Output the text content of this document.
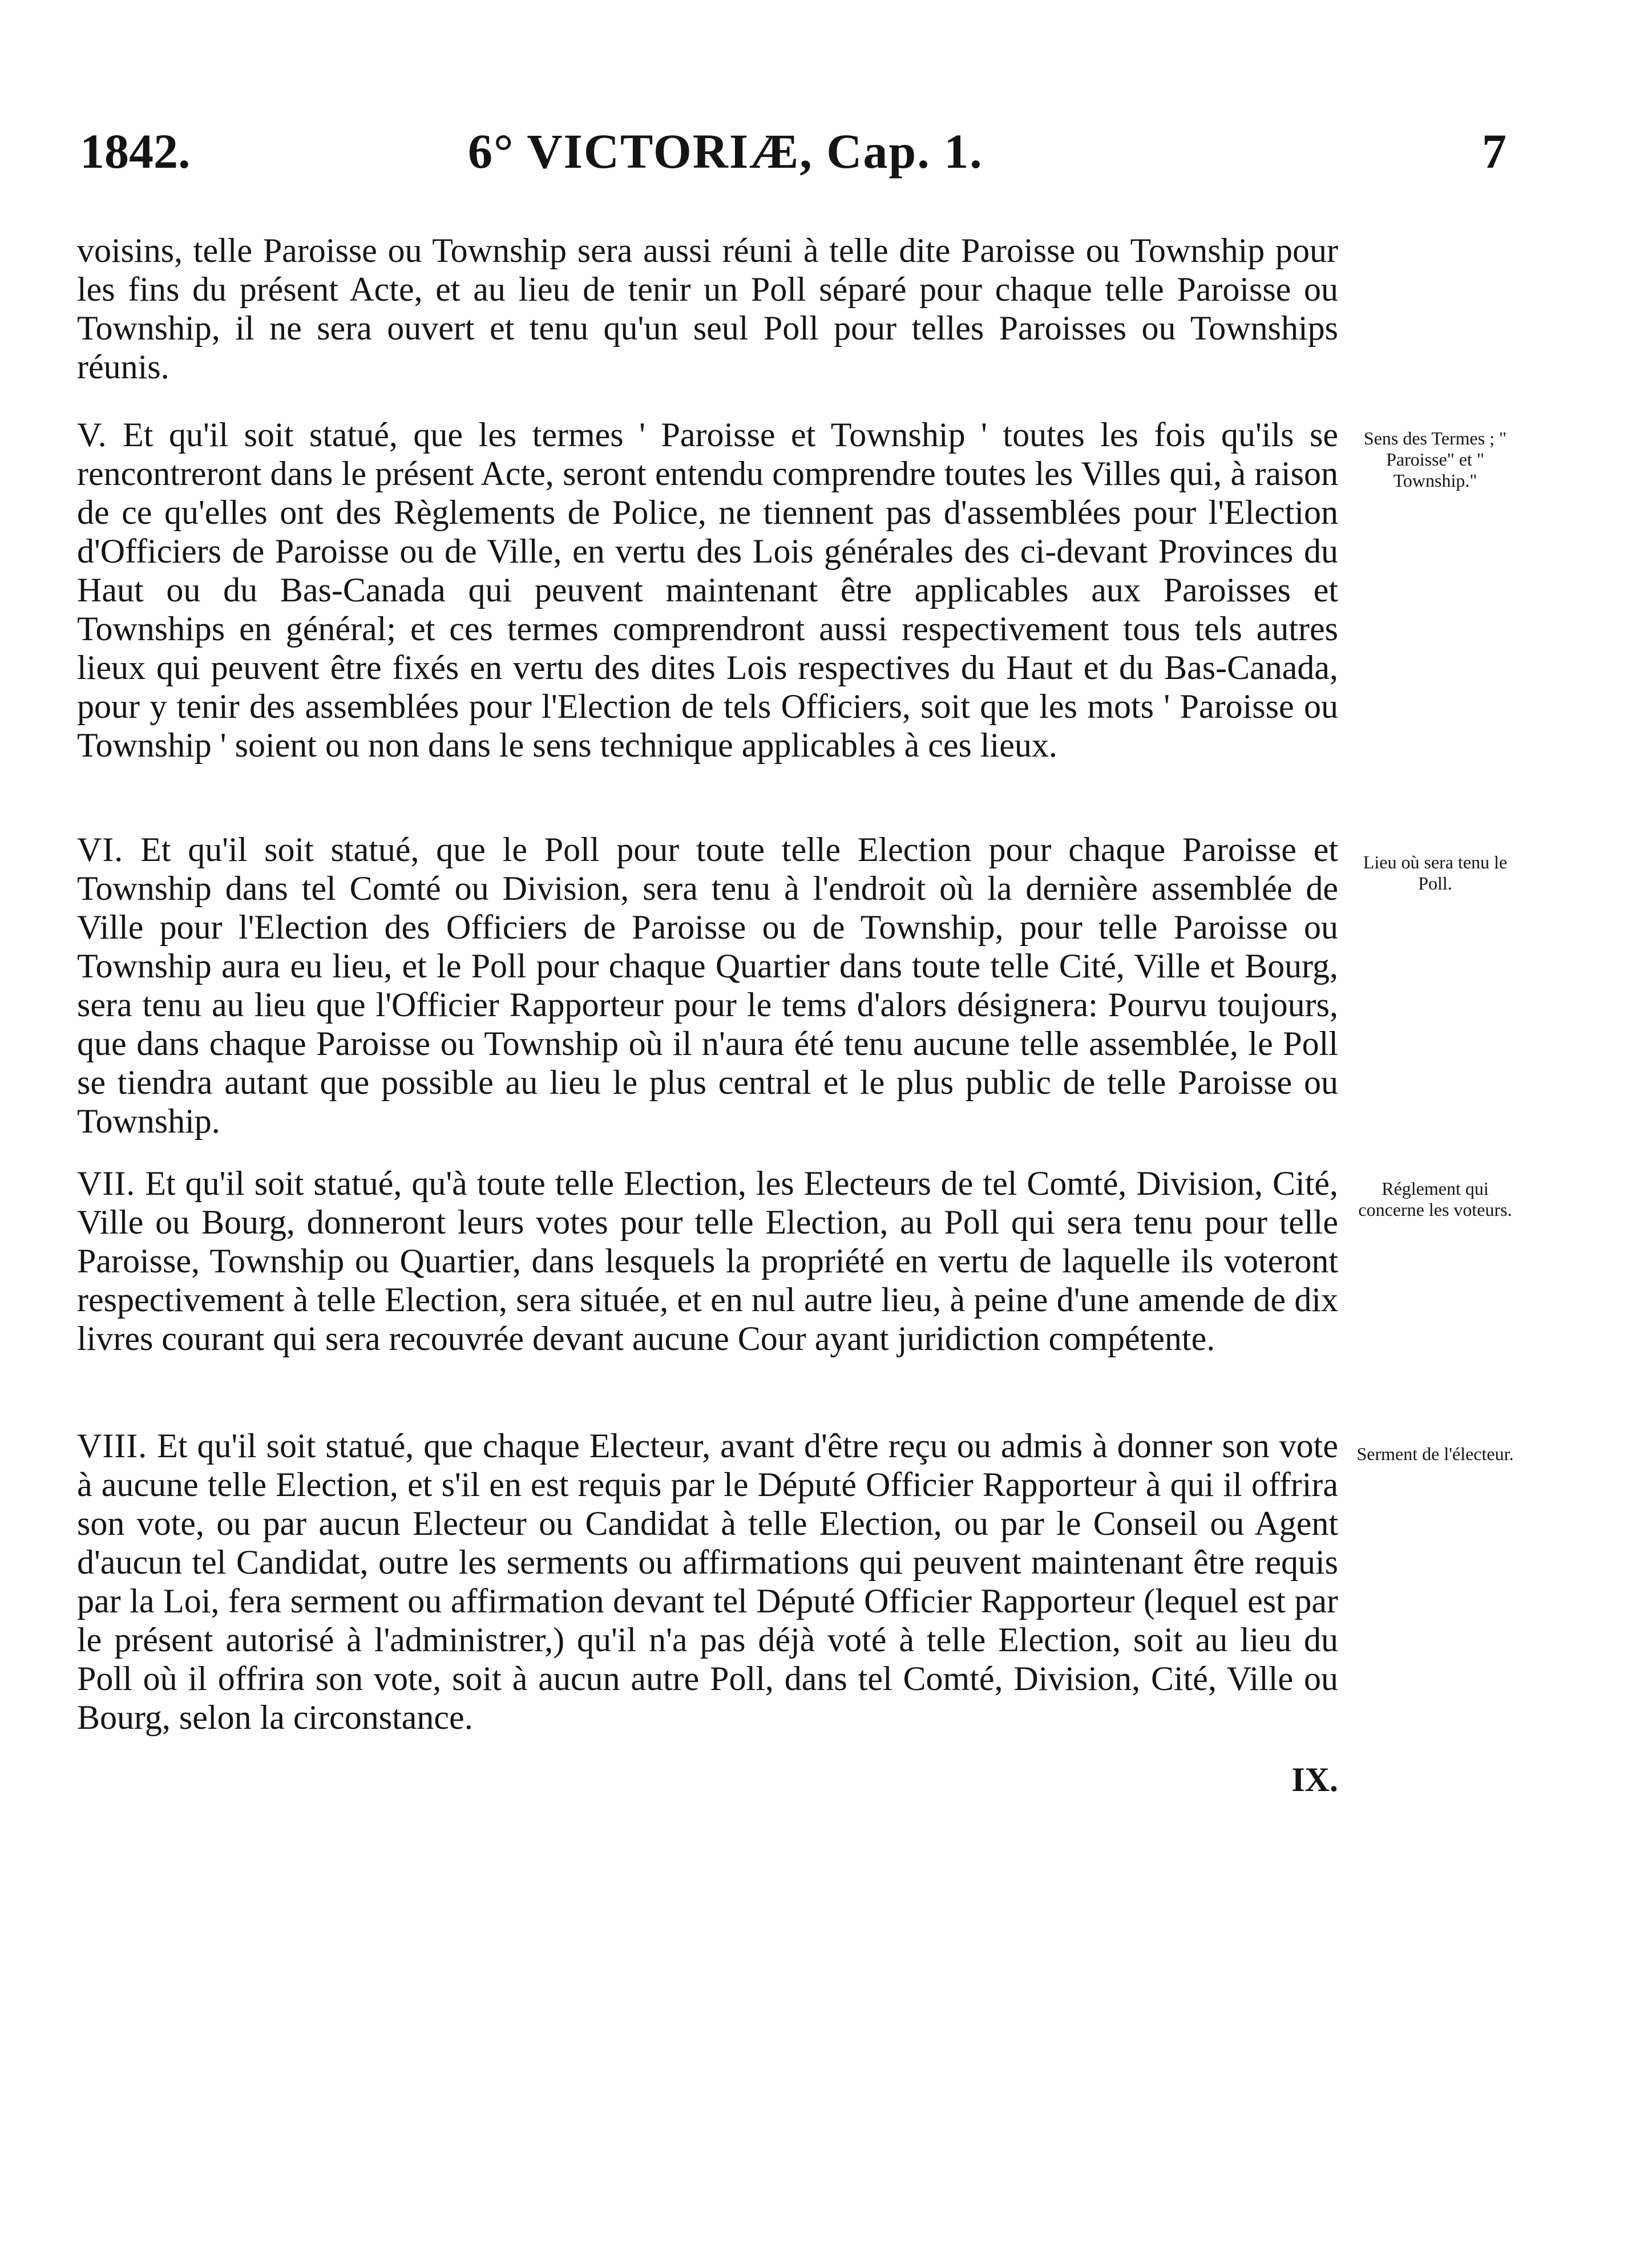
1842.	6° VICTORIÆ, Cap. 1.	7
voisins, telle Paroisse ou Township sera aussi réuni à telle dite Paroisse ou Township pour les fins du présent Acte, et au lieu de tenir un Poll séparé pour chaque telle Paroisse ou Township, il ne sera ouvert et tenu qu'un seul Poll pour telles Paroisses ou Townships réunis.
V. Et qu'il soit statué, que les termes ' Paroisse et Township ' toutes les fois qu'ils se rencontreront dans le présent Acte, seront entendu comprendre toutes les Villes qui, à raison de ce qu'elles ont des Règlements de Police, ne tiennent pas d'assemblées pour l'Election d'Officiers de Paroisse ou de Ville, en vertu des Lois générales des ci-devant Provinces du Haut ou du Bas-Canada qui peuvent maintenant être applicables aux Paroisses et Townships en général; et ces termes comprendront aussi respectivement tous tels autres lieux qui peuvent être fixés en vertu des dites Lois respectives du Haut et du Bas-Canada, pour y tenir des assemblées pour l'Election de tels Officiers, soit que les mots ' Paroisse ou Township ' soient ou non dans le sens technique applicables à ces lieux.
Sens des Termes ; " Paroisse" et " Township."
VI. Et qu'il soit statué, que le Poll pour toute telle Election pour chaque Paroisse et Township dans tel Comté ou Division, sera tenu à l'endroit où la dernière assemblée de Ville pour l'Election des Officiers de Paroisse ou de Township, pour telle Paroisse ou Township aura eu lieu, et le Poll pour chaque Quartier dans toute telle Cité, Ville et Bourg, sera tenu au lieu que l'Officier Rapporteur pour le tems d'alors désignera: Pourvu toujours, que dans chaque Paroisse ou Township où il n'aura été tenu aucune telle assemblée, le Poll se tiendra autant que possible au lieu le plus central et le plus public de telle Paroisse ou Township.
Lieu où sera tenu le Poll.
VII. Et qu'il soit statué, qu'à toute telle Election, les Electeurs de tel Comté, Division, Cité, Ville ou Bourg, donneront leurs votes pour telle Election, au Poll qui sera tenu pour telle Paroisse, Township ou Quartier, dans lesquels la propriété en vertu de laquelle ils voteront respectivement à telle Election, sera située, et en nul autre lieu, à peine d'une amende de dix livres courant qui sera recouvrée devant aucune Cour ayant juridiction compétente.
Réglement qui concerne les voteurs.
VIII. Et qu'il soit statué, que chaque Electeur, avant d'être reçu ou admis à donner son vote à aucune telle Election, et s'il en est requis par le Député Officier Rapporteur à qui il offrira son vote, ou par aucun Electeur ou Candidat à telle Election, ou par le Conseil ou Agent d'aucun tel Candidat, outre les serments ou affirmations qui peuvent maintenant être requis par la Loi, fera serment ou affirmation devant tel Député Officier Rapporteur (lequel est par le présent autorisé à l'administrer,) qu'il n'a pas déjà voté à telle Election, soit au lieu du Poll où il offrira son vote, soit à aucun autre Poll, dans tel Comté, Division, Cité, Ville ou Bourg, selon la circonstance.
Serment de l'électeur.
IX.
